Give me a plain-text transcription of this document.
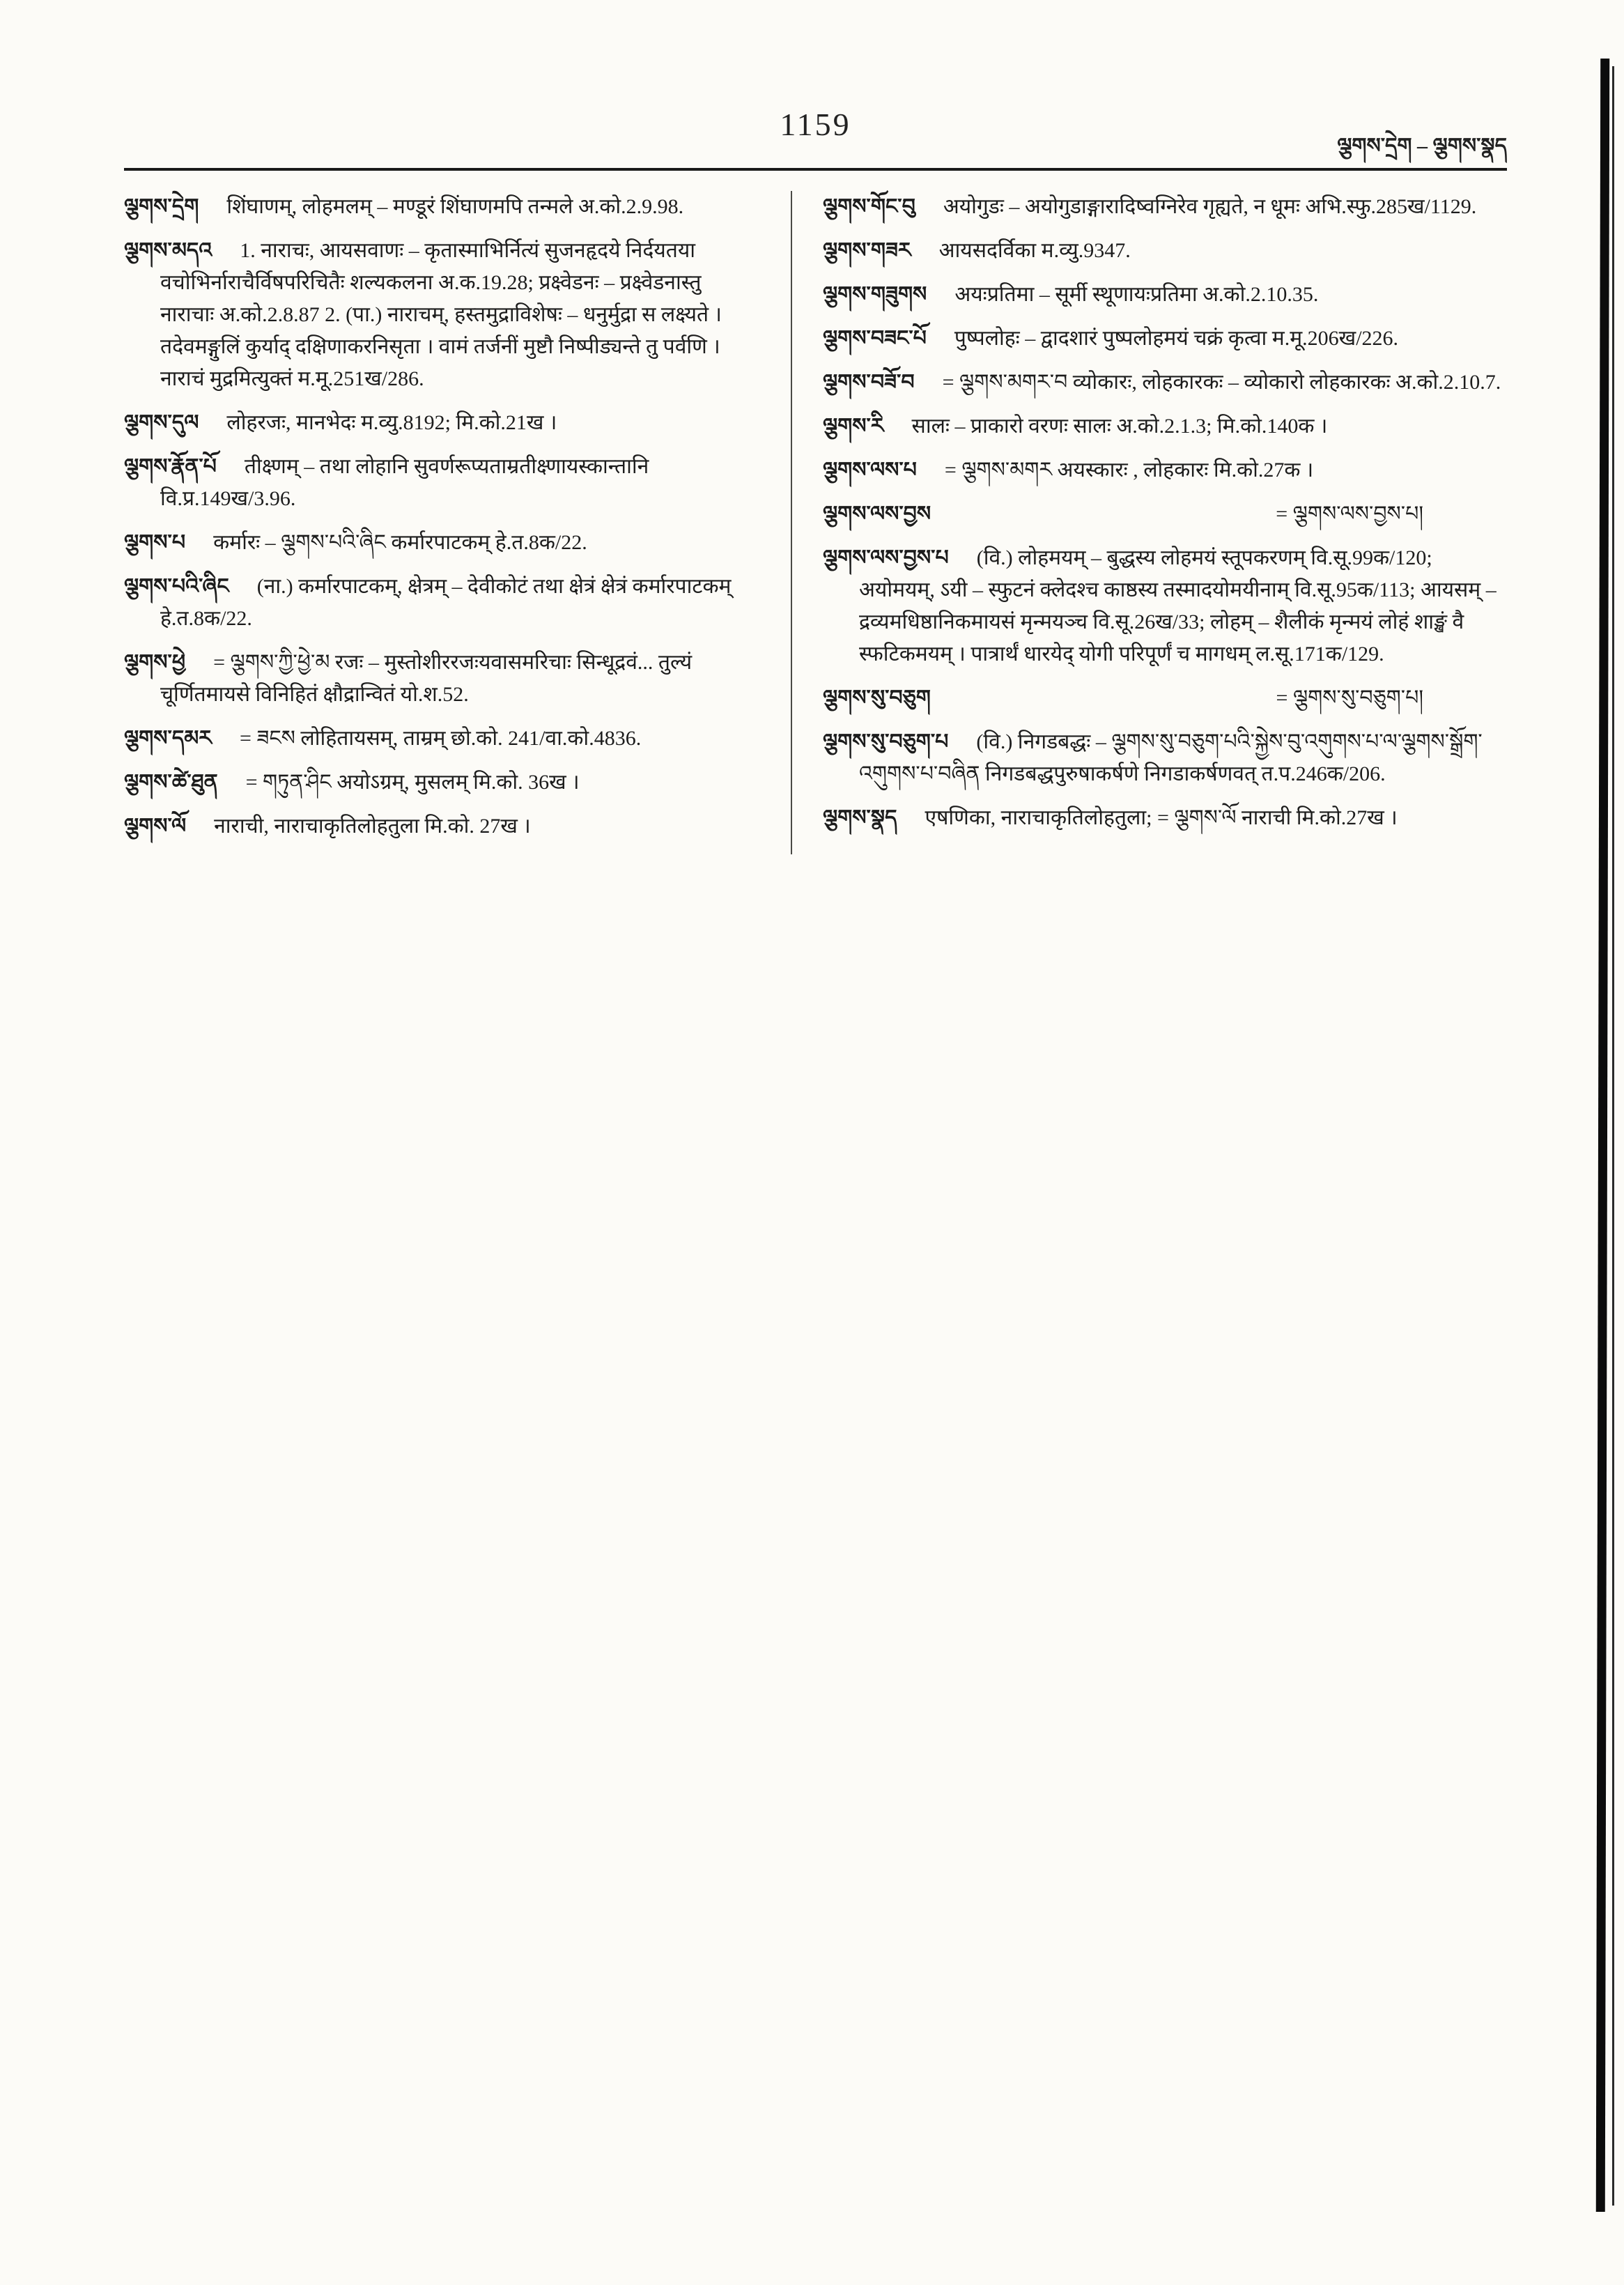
1159
ལྕགས་དྲེག – ལྕགས་སྣད

ལྕགས་དྲེག शिंघाणम्, लोहमलम् – मण्डूरं शिंघाणमपि तन्मले अ.को.2.9.98.

ལྕགས་མདའ 1. नाराचः, आयसवाणः – कृतास्माभिर्नित्यं सुजनहृदये निर्दयतया वचोभिर्नाराचैर्विषपरिचितैः शल्यकलना अ.क.19.28; प्रक्ष्वेडनः – प्रक्ष्वेडनास्तु नाराचाः अ.को.2.8.87 2. (पा.) नाराचम्, हस्तमुद्राविशेषः – धनुर्मुद्रा स लक्ष्यते । तदेवमङ्गुलिं कुर्याद् दक्षिणाकरनिसृता । वामं तर्जनीं मुष्टौ निष्पीड्यन्ते तु पर्वणि । नाराचं मुद्रमित्युक्तं म.मू.251ख/286.

ལྕགས་དུལ लोहरजः, मानभेदः म.व्यु.8192; मि.को.21ख ।

ལྕགས་རྣོན་པོ तीक्ष्णम् – तथा लोहानि सुवर्णरूप्यताम्रतीक्ष्णायस्कान्तानि वि.प्र.149ख/3.96.

ལྕགས་པ कर्मारः – ལྕགས་པའི་ཞིང कर्मारपाटकम् हे.त.8क/22.

ལྕགས་པའི་ཞིང (ना.) कर्मारपाटकम्, क्षेत्रम् – देवीकोटं तथा क्षेत्रं क्षेत्रं कर्मारपाटकम् हे.त.8क/22.

ལྕགས་ཕྱེ = ལྕགས་ཀྱི་ཕྱེ་མ रजः – मुस्तोशीररजःयवासमरिचाः सिन्धूद्रवं... तुल्यं चूर्णितमायसे विनिहितं क्षौद्रान्वितं यो.श.52.

ལྕགས་དམར = ཟངས लोहितायसम्, ताम्रम् छो.को. 241/वा.को.4836.

ལྕགས་ཚེ་ཐུན = གཏུན་ཤིང अयोऽग्रम्, मुसलम् मि.को. 36ख ।

ལྕགས་ལོ नाराची, नाराचाकृतिलोहतुला मि.को. 27ख ।

ལྕགས་གོང་བུ अयोगुडः – अयोगुडाङ्गारादिष्वग्निरेव गृह्यते, न धूमः अभि.स्फु.285ख/1129.

ལྕགས་གཟར आयसदर्विका म.व्यु.9347.

ལྕགས་གཟུགས अयःप्रतिमा – सूर्मी स्थूणायःप्रतिमा अ.को.2.10.35.

ལྕགས་བཟང་པོ पुष्पलोहः – द्वादशारं पुष्पलोहमयं चक्रं कृत्वा म.मू.206ख/226.

ལྕགས་བཟོ་བ = ལྕགས་མགར་བ व्योकारः, लोहकारकः – व्योकारो लोहकारकः अ.को.2.10.7.

ལྕགས་རི सालः – प्राकारो वरणः सालः अ.को.2.1.3; मि.को.140क ।

ལྕགས་ལས་པ = ལྕགས་མགར अयस्कारः , लोहकारः मि.को.27क ।

ལྕགས་ལས་བྱས	= ལྕགས་ལས་བྱས་པ།

ལྕགས་ལས་བྱས་པ (वि.) लोहमयम् – बुद्धस्य लोहमयं स्तूपकरणम् वि.सू.99क/120; अयोमयम्, ऽयी – स्फुटनं क्लेदश्च काष्ठस्य तस्मादयोमयीनाम् वि.सू.95क/113; आयसम् – द्रव्यमधिष्ठानिकमायसं मृन्मयञ्च वि.सू.26ख/33; लोहम् – शैलीकं मृन्मयं लोहं शाङ्खं वै स्फटिकमयम् । पात्रार्थं धारयेद् योगी परिपूर्णं च मागधम् ल.सू.171क/129.

ལྕགས་སུ་བཅུག	= ལྕགས་སུ་བཅུག་པ།

ལྕགས་སུ་བཅུག་པ (वि.) निगडबद्धः – ལྕགས་སུ་བཅུག་པའི་སྐྱེས་བུ་འགུགས་པ་ལ་ལྕགས་སྒྲོག་འགུགས་པ་བཞིན निगडबद्धपुरुषाकर्षणे निगडाकर्षणवत् त.प.246क/206.

ལྕགས་སྣད एषणिका, नाराचाकृतिलोहतुला; = ལྕགས་ལོ नाराची मि.को.27ख ।
